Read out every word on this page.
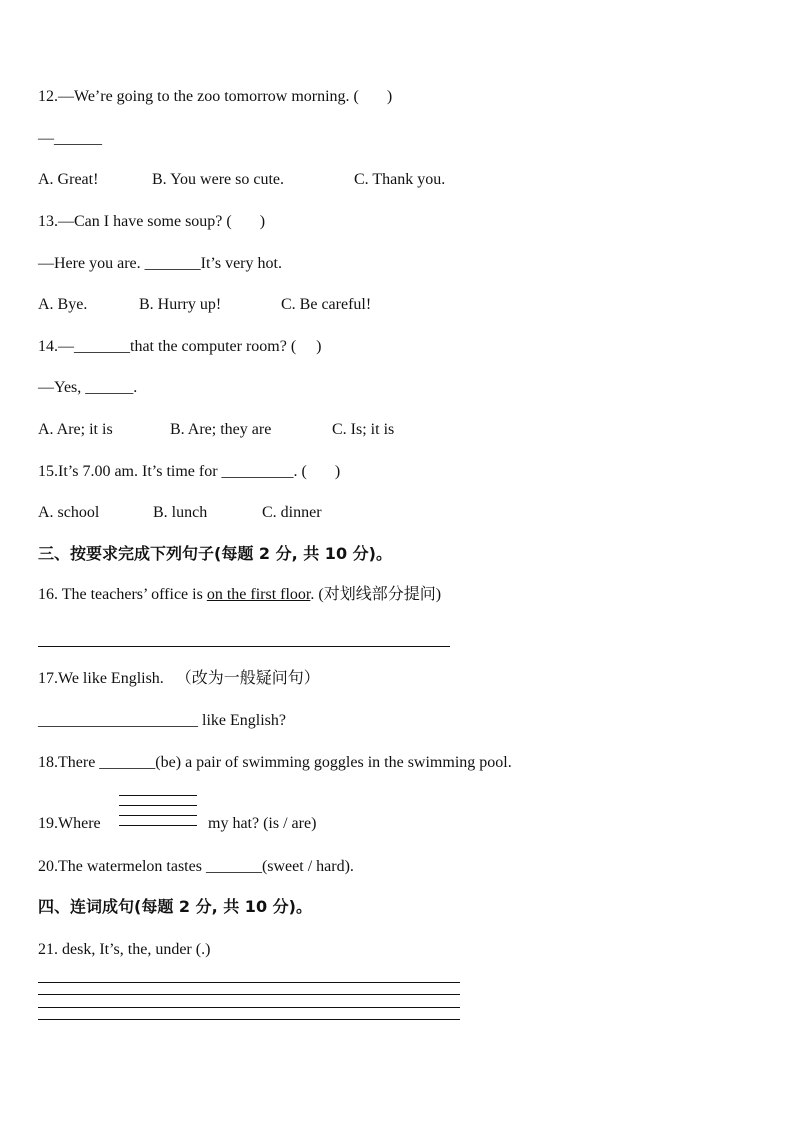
12.—We’re going to the zoo tomorrow morning. (       )
—______
A. Great!	B. You were so cute.	C. Thank you.
13.—Can I have some soup? (       )
—Here you are. _______It’s very hot.
A. Bye.	B. Hurry up!	C. Be careful!
14.—_______that the computer room? (     )
—Yes, ______.
A. Are; it is	B. Are; they are	C. Is; it is
15.It’s 7.00 am. It’s time for _________. (       )
A. school	B. lunch	C. dinner
三、按要求完成下列句子(每题 2 分, 共 10 分)。
16. The teachers’ office is on the first floor. (对划线部分提问)
17.We like English.   （改为一般疑问句）
____________________ like English?
18.There _______(be) a pair of swimming goggles in the swimming pool.
19.Where	my hat? (is / are)
20.The watermelon tastes _______(sweet / hard).
四、连词成句(每题 2 分, 共 10 分)。
21. desk, It’s, the, under (.)
